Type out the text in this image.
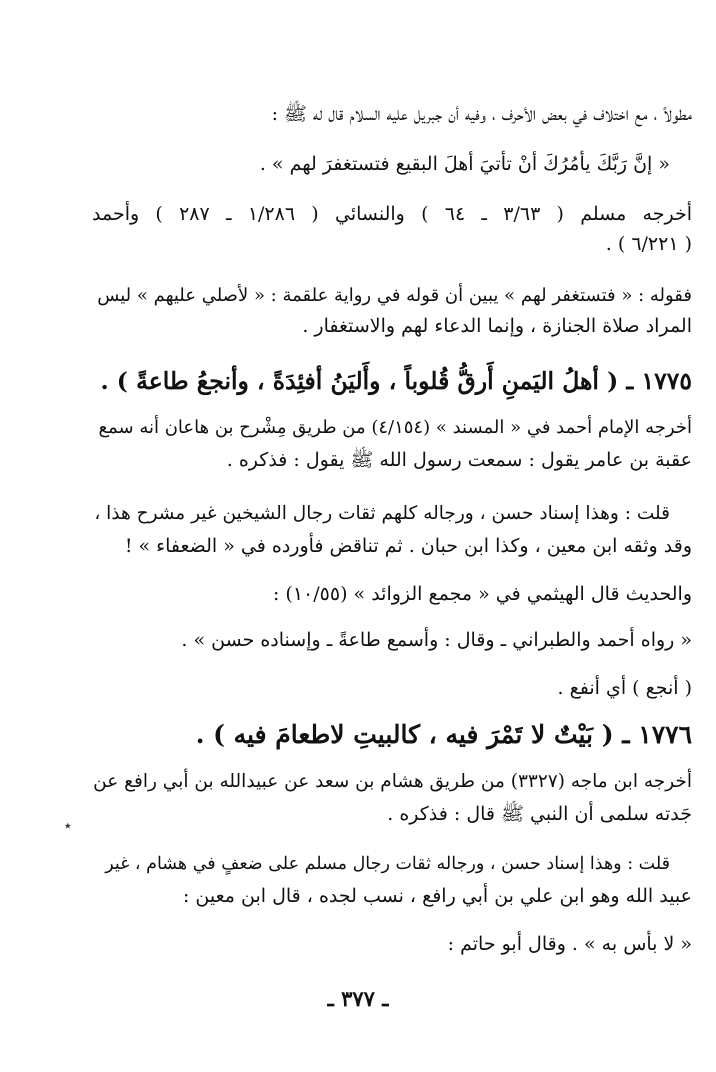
مطولاً ، مع اختلاف في بعض الأحرف ، وفيه أن جبريل عليه السلام قال له ﷺ :
« إنَّ رَبَّكَ يأمُرُكَ أنْ تأتيَ أهلَ البقيع فتستغفرَ لهم » .
أخرجه مسلم ( ٣/٦٣ ـ ٦٤ ) والنسائي ( ١/٢٨٦ ـ ٢٨٧ ) وأحمد
( ٦/٢٢١ ) .
فقوله : « فتستغفر لهم » يبين أن قوله في رواية علقمة : « لأصلي عليهم » ليس
المراد صلاة الجنازة ، وإنما الدعاء لهم والاستغفار .
١٧٧٥ ـ ( أهلُ اليَمنِ أَرقُّ قُلوباً ، وأَليَنُ أفئِدَةً ، وأنجعُ طاعةً ) .
أخرجه الإمام أحمد في « المسند » (٤/١٥٤) من طريق مِشْرح بن هاعان أنه سمع
عقبة بن عامر يقول : سمعت رسول الله ﷺ يقول : فذكره .
قلت : وهذا إسناد حسن ، ورجاله كلهم ثقات رجال الشيخين غير مشرح هذا ،
وقد وثقه ابن معين ، وكذا ابن حبان . ثم تناقض فأورده في « الضعفاء » !
والحديث قال الهيثمي في « مجمع الزوائد » (١٠/٥٥) :
« رواه أحمد والطبراني ـ وقال : وأسمع طاعةً ـ وإسناده حسن » .
( أنجع ) أي أنفع .
١٧٧٦ ـ ( بَيْتٌ لا تَمْرَ فيه ، كالبيتِ لاطعامَ فيه ) .
أخرجه ابن ماجه (٣٣٢٧) من طريق هشام بن سعد عن عبيدالله بن أبي رافع عن
جَدته سلمى أن النبي ﷺ قال : فذكره .
قلت : وهذا إسناد حسن ، ورجاله ثقات رجال مسلم على ضعفٍ في هشام ، غير
عبيد الله وهو ابن علي بن أبي رافع ، نسب لجده ، قال ابن معين :
« لا بأس به » . وقال أبو حاتم :
٭
ـ ٣٧٧ ـ
